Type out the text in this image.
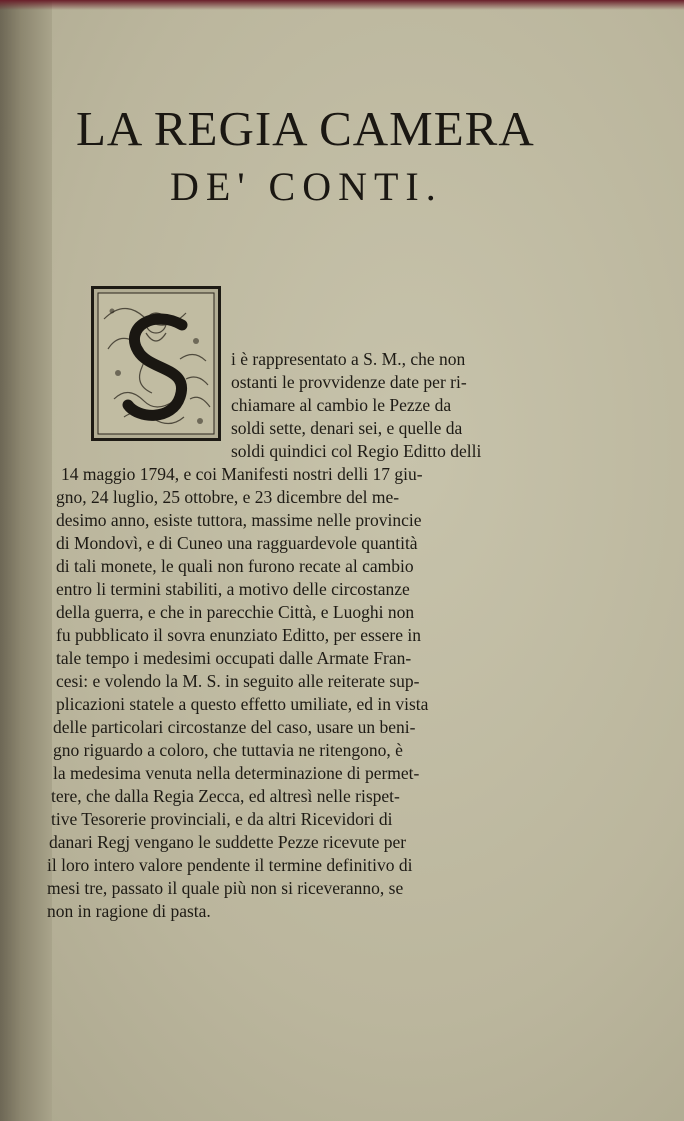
LA REGIA CAMERA
DE' CONTI.
i è rappresentato a S. M., che non
ostanti le provvidenze date per ri-
chiamare al cambio le Pezze da
soldi sette, denari sei, e quelle da
soldi quindici col Regio Editto delli
14 maggio 1794, e coi Manifesti nostri delli 17 giu-
gno, 24 luglio, 25 ottobre, e 23 dicembre del me-
desimo anno, esiste tuttora, massime nelle provincie
di Mondovì, e di Cuneo una ragguardevole quantità
di tali monete, le quali non furono recate al cambio
entro li termini stabiliti, a motivo delle circostanze
della guerra, e che in parecchie Città, e Luoghi non
fu pubblicato il sovra enunziato Editto, per essere in
tale tempo i medesimi occupati dalle Armate Fran-
cesi: e volendo la M. S. in seguito alle reiterate sup-
plicazioni statele a questo effetto umiliate, ed in vista
delle particolari circostanze del caso, usare un beni-
gno riguardo a coloro, che tuttavia ne ritengono, è
la medesima venuta nella determinazione di permet-
tere, che dalla Regia Zecca, ed altresì nelle rispet-
tive Tesorerie provinciali, e da altri Ricevidori di
danari Regj vengano le suddette Pezze ricevute per
il loro intero valore pendente il termine definitivo di
mesi tre, passato il quale più non si riceveranno, se
non in ragione di pasta.
